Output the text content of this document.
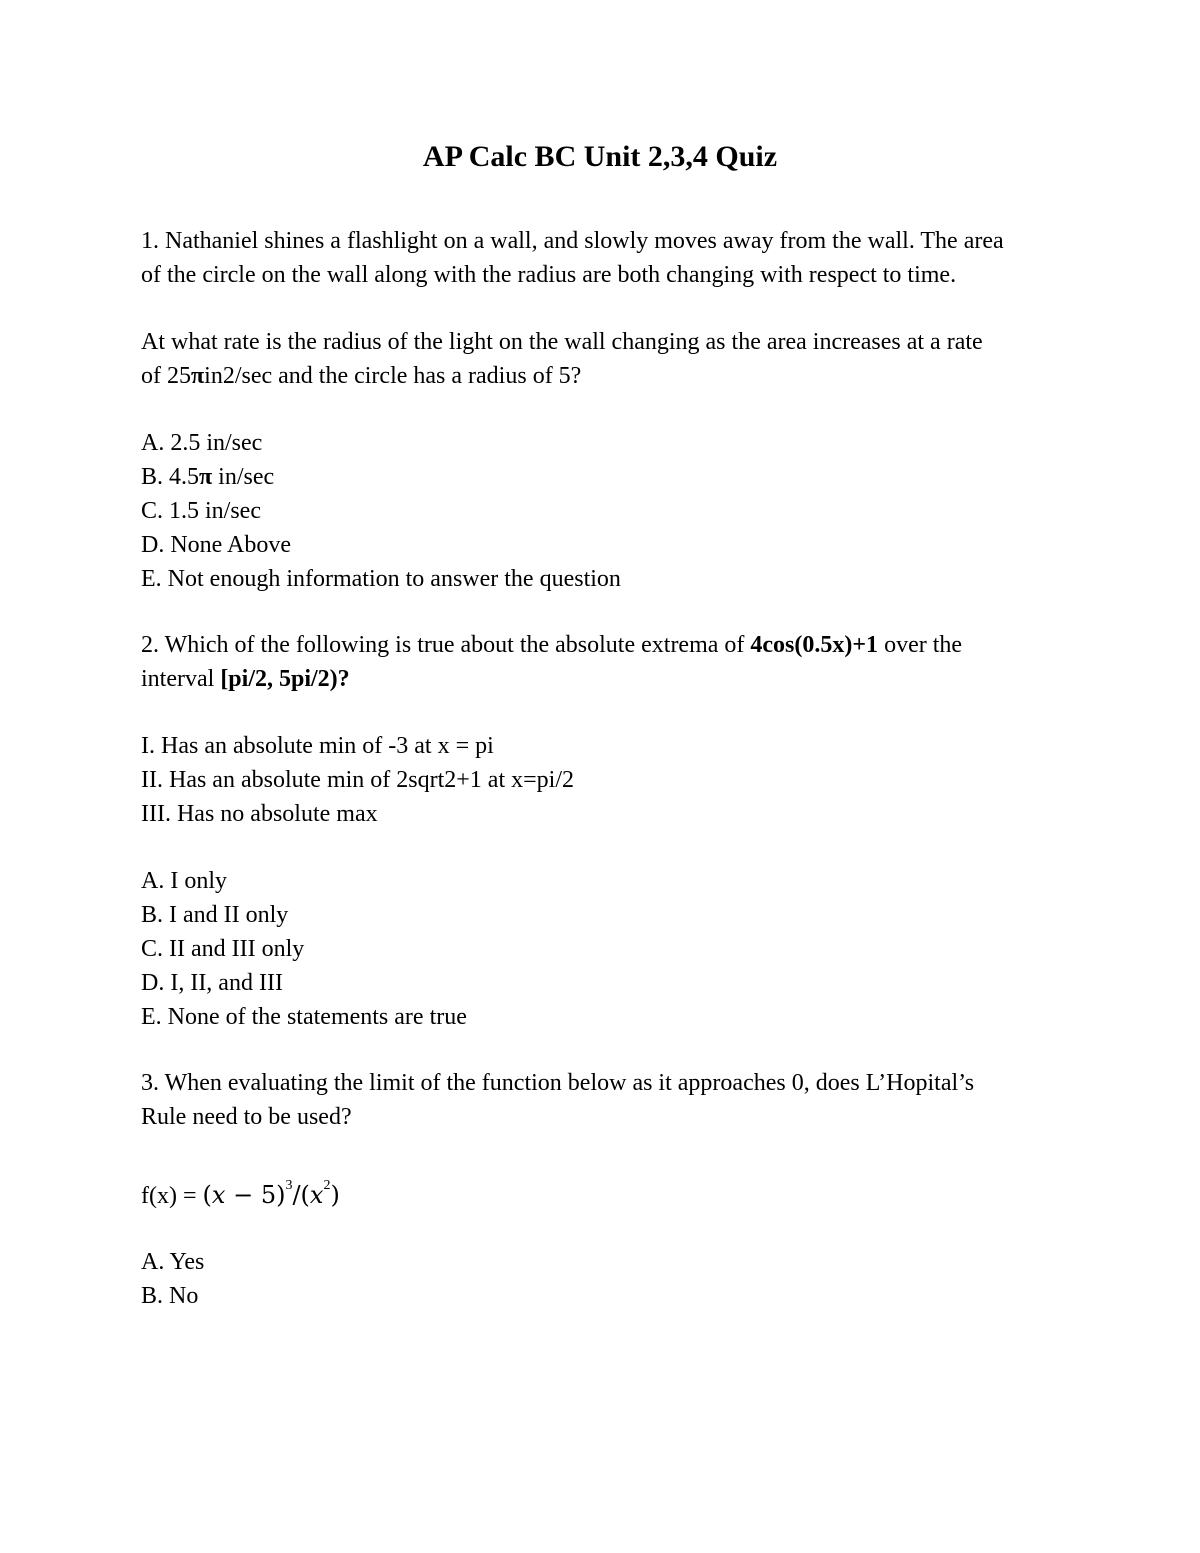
AP Calc BC Unit 2,3,4 Quiz
1. Nathaniel shines a flashlight on a wall, and slowly moves away from the wall. The area
of the circle on the wall along with the radius are both changing with respect to time.
At what rate is the radius of the light on the wall changing as the area increases at a rate
of 25πin2/sec and the circle has a radius of 5?
A. 2.5 in/sec
B. 4.5π in/sec
C. 1.5 in/sec
D. None Above
E. Not enough information to answer the question
2. Which of the following is true about the absolute extrema of 4cos(0.5x)+1 over the
interval [pi/2, 5pi/2)?
I. Has an absolute min of -3 at x = pi
II. Has an absolute min of 2sqrt2+1 at x=pi/2
III. Has no absolute max
A. I only
B. I and II only
C. II and III only
D. I, II, and III
E. None of the statements are true
3. When evaluating the limit of the function below as it approaches 0, does L’Hopital’s
Rule need to be used?
$f(x) = (x - 5)^3/(x^2)$
A. Yes
B. No
